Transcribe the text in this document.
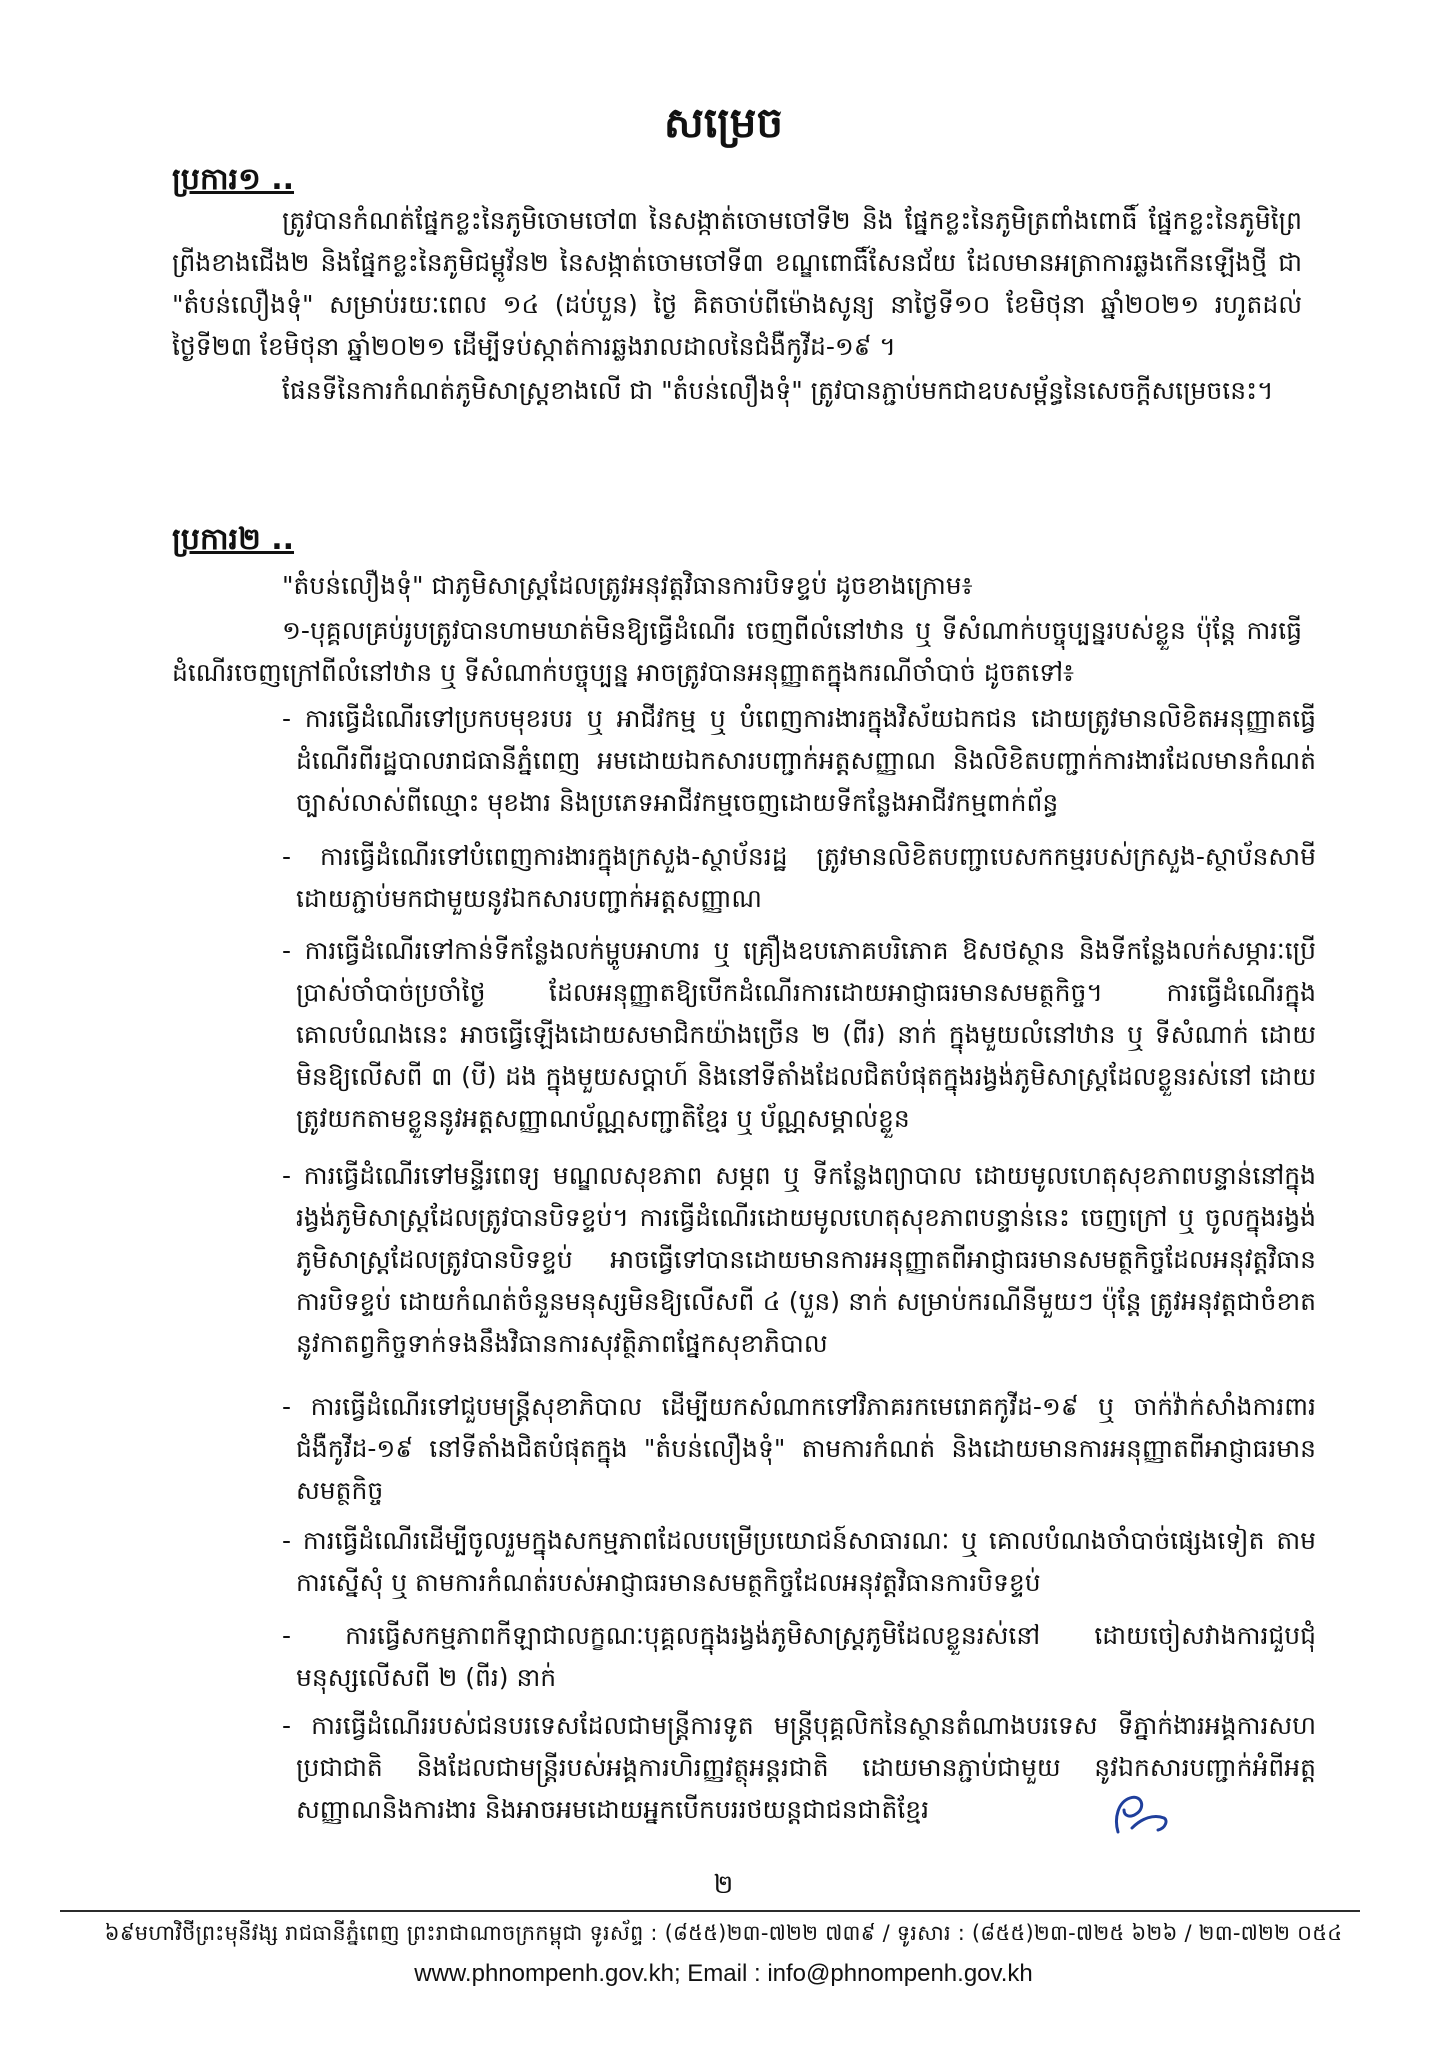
សម្រេច
ប្រការ១ ..
ត្រូវបានកំណត់ផ្នែកខ្លះនៃភូមិចោមចៅ៣ នៃសង្កាត់ចោមចៅទី២ និង ផ្នែកខ្លះនៃភូមិត្រពាំងពោធិ៍ ផ្នែកខ្លះនៃភូមិព្រៃព្រីងខាងជើង២ និងផ្នែកខ្លះនៃភូមិជម្ពូវ័ន២ នៃសង្កាត់ចោមចៅទី៣ ខណ្ឌពោធិ៍សែនជ័យ ដែលមានអត្រាការឆ្លងកើនឡើងថ្មី ជា "តំបន់លឿងទុំ" សម្រាប់រយៈពេល ១៤ (ដប់បួន) ថ្ងៃ គិតចាប់ពីម៉ោងសូន្យ នាថ្ងៃទី១០ ខែមិថុនា ឆ្នាំ២០២១ រហូតដល់ថ្ងៃទី២៣ ខែមិថុនា ឆ្នាំ២០២១ ដើម្បីទប់ស្កាត់ការឆ្លងរាលដាលនៃជំងឺកូវីដ-១៩ ។
ផែនទីនៃការកំណត់ភូមិសាស្ត្រខាងលើ ជា "តំបន់លឿងទុំ" ត្រូវបានភ្ជាប់មកជាឧបសម្ព័ន្ធនៃសេចក្តីសម្រេចនេះ។
ប្រការ២ ..
"តំបន់លឿងទុំ" ជាភូមិសាស្ត្រដែលត្រូវអនុវត្តវិធានការបិទខ្ទប់ ដូចខាងក្រោម៖
១-បុគ្គលគ្រប់រូបត្រូវបានហាមឃាត់មិនឱ្យធ្វើដំណើរ ចេញពីលំនៅឋាន ឬ ទីសំណាក់បច្ចុប្បន្នរបស់ខ្លួន ប៉ុន្តែ ការធ្វើដំណើរចេញក្រៅពីលំនៅឋាន ឬ ទីសំណាក់បច្ចុប្បន្ន អាចត្រូវបានអនុញ្ញាតក្នុងករណីចាំបាច់ ដូចតទៅ៖
- ការធ្វើដំណើរទៅប្រកបមុខរបរ ឬ អាជីវកម្ម ឬ បំពេញការងារក្នុងវិស័យឯកជន ដោយត្រូវមានលិខិតអនុញ្ញាតធ្វើដំណើរពីរដ្ឋបាលរាជធានីភ្នំពេញ អមដោយឯកសារបញ្ជាក់អត្តសញ្ញាណ និងលិខិតបញ្ជាក់ការងារដែលមានកំណត់ច្បាស់លាស់ពីឈ្មោះ មុខងារ និងប្រភេទអាជីវកម្មចេញដោយទីកន្លែងអាជីវកម្មពាក់ព័ន្ធ
- ការធ្វើដំណើរទៅបំពេញការងារក្នុងក្រសួង-ស្ថាប័នរដ្ឋ ត្រូវមានលិខិតបញ្ជាបេសកកម្មរបស់ក្រសួង-ស្ថាប័នសាមី ដោយភ្ជាប់មកជាមួយនូវឯកសារបញ្ជាក់អត្តសញ្ញាណ
- ការធ្វើដំណើរទៅកាន់ទីកន្លែងលក់ម្ហូបអាហារ ឬ គ្រឿងឧបភោគបរិភោគ ឱសថស្ថាន និងទីកន្លែងលក់សម្ភារៈប្រើប្រាស់ចាំបាច់ប្រចាំថ្ងៃ ដែលអនុញ្ញាតឱ្យបើកដំណើរការដោយអាជ្ញាធរមានសមត្ថកិច្ច។ ការធ្វើដំណើរក្នុងគោលបំណងនេះ អាចធ្វើឡើងដោយសមាជិកយ៉ាងច្រើន ២ (ពីរ) នាក់ ក្នុងមួយលំនៅឋាន ឬ ទីសំណាក់ ដោយមិនឱ្យលើសពី ៣ (បី) ដង ក្នុងមួយសប្តាហ៍ និងនៅទីតាំងដែលជិតបំផុតក្នុងរង្វង់ភូមិសាស្ត្រដែលខ្លួនរស់នៅ ដោយត្រូវយកតាមខ្លួននូវអត្តសញ្ញាណប័ណ្ណសញ្ជាតិខ្មែរ ឬ ប័ណ្ណសម្គាល់ខ្លួន
- ការធ្វើដំណើរទៅមន្ទីរពេទ្យ មណ្ឌលសុខភាព សម្ភព ឬ ទីកន្លែងព្យាបាល ដោយមូលហេតុសុខភាពបន្ទាន់នៅក្នុងរង្វង់ភូមិសាស្ត្រដែលត្រូវបានបិទខ្ទប់។ ការធ្វើដំណើរដោយមូលហេតុសុខភាពបន្ទាន់នេះ ចេញក្រៅ ឬ ចូលក្នុងរង្វង់ភូមិសាស្ត្រដែលត្រូវបានបិទខ្ទប់ អាចធ្វើទៅបានដោយមានការអនុញ្ញាតពីអាជ្ញាធរមានសមត្ថកិច្ចដែលអនុវត្តវិធានការបិទខ្ទប់ ដោយកំណត់ចំនួនមនុស្សមិនឱ្យលើសពី ៤ (បួន) នាក់ សម្រាប់ករណីនីមួយៗ ប៉ុន្តែ ត្រូវអនុវត្តជាចំខាតនូវកាតព្វកិច្ចទាក់ទងនឹងវិធានការសុវត្ថិភាពផ្នែកសុខាភិបាល
- ការធ្វើដំណើរទៅជួបមន្ត្រីសុខាភិបាល ដើម្បីយកសំណាកទៅវិភាគរកមេរោគកូវីដ-១៩ ឬ ចាក់វ៉ាក់សាំងការពារជំងឺកូវីដ-១៩ នៅទីតាំងជិតបំផុតក្នុង "តំបន់លឿងទុំ" តាមការកំណត់ និងដោយមានការអនុញ្ញាតពីអាជ្ញាធរមានសមត្ថកិច្ច
- ការធ្វើដំណើរដើម្បីចូលរួមក្នុងសកម្មភាពដែលបម្រើប្រយោជន៍សាធារណៈ ឬ គោលបំណងចាំបាច់ផ្សេងទៀត តាមការស្នើសុំ ឬ តាមការកំណត់របស់អាជ្ញាធរមានសមត្ថកិច្ចដែលអនុវត្តវិធានការបិទខ្ទប់
- ការធ្វើសកម្មភាពកីឡាជាលក្ខណៈបុគ្គលក្នុងរង្វង់ភូមិសាស្ត្រភូមិដែលខ្លួនរស់នៅ ដោយចៀសវាងការជួបជុំមនុស្សលើសពី ២ (ពីរ) នាក់
- ការធ្វើដំណើររបស់ជនបរទេសដែលជាមន្ត្រីការទូត មន្ត្រីបុគ្គលិកនៃស្ថានតំណាងបរទេស ទីភ្នាក់ងារអង្គការសហប្រជាជាតិ និងដែលជាមន្ត្រីរបស់អង្គការហិរញ្ញវត្ថុអន្តរជាតិ ដោយមានភ្ជាប់ជាមួយ នូវឯកសារបញ្ជាក់អំពីអត្តសញ្ញាណនិងការងារ និងអាចអមដោយអ្នកបើកបររថយន្តជាជនជាតិខ្មែរ
២
៦៩មហាវិថីព្រះមុនីវង្ស រាជធានីភ្នំពេញ ព្រះរាជាណាចក្រកម្ពុជា ទូរស័ព្ទ : (៨៥៥)២៣-៧២២ ៧៣៩ / ទូរសារ : (៨៥៥)២៣-៧២៥ ៦២៦ / ២៣-៧២២ ០៥៤
www.phnompenh.gov.kh; Email : info@phnompenh.gov.kh
